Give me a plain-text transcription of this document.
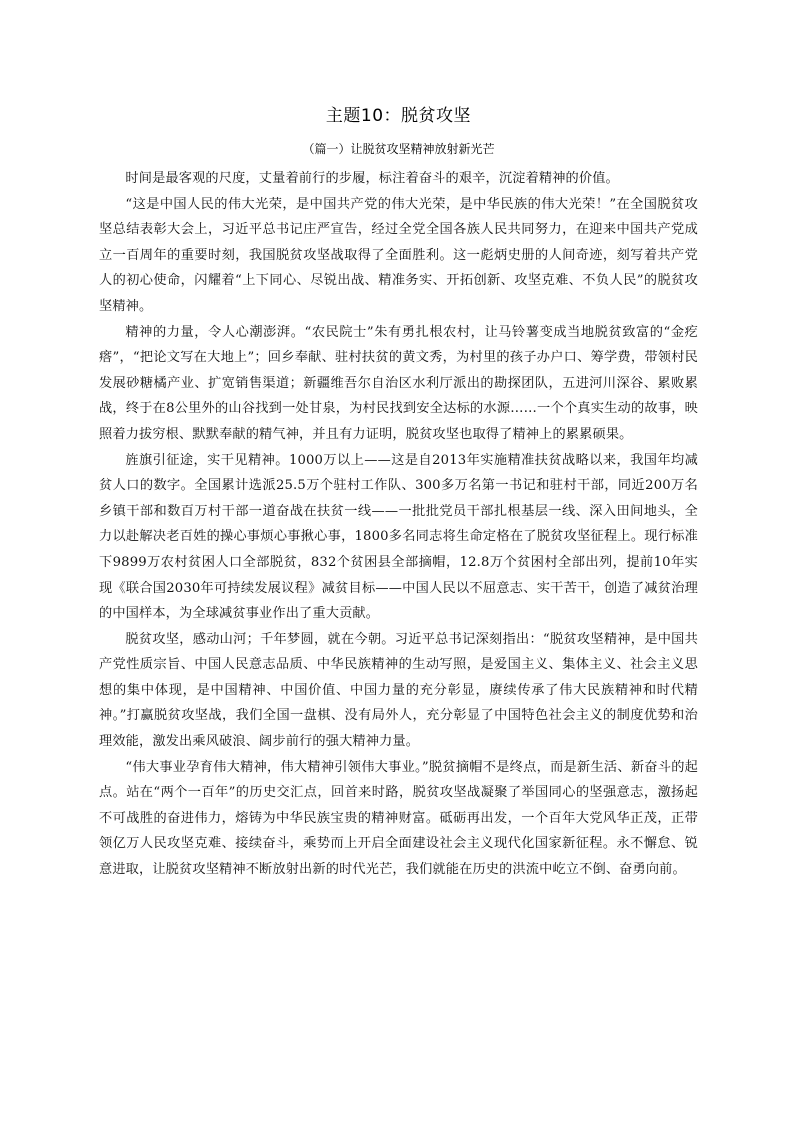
主题10：脱贫攻坚
（篇一）让脱贫攻坚精神放射新光芒

时间是最客观的尺度，丈量着前行的步履，标注着奋斗的艰辛，沉淀着精神的价值。

“这是中国人民的伟大光荣，是中国共产党的伟大光荣，是中华民族的伟大光荣！”在全国脱贫攻坚总结表彰大会上，习近平总书记庄严宣告，经过全党全国各族人民共同努力，在迎来中国共产党成立一百周年的重要时刻，我国脱贫攻坚战取得了全面胜利。这一彪炳史册的人间奇迹，刻写着共产党人的初心使命，闪耀着“上下同心、尽锐出战、精准务实、开拓创新、攻坚克难、不负人民”的脱贫攻坚精神。

精神的力量，令人心潮澎湃。“农民院士”朱有勇扎根农村，让马铃薯变成当地脱贫致富的“金疙瘩”，“把论文写在大地上”；回乡奉献、驻村扶贫的黄文秀，为村里的孩子办户口、筹学费，带领村民发展砂糖橘产业、扩宽销售渠道；新疆维吾尔自治区水利厅派出的勘探团队，五进河川深谷、累败累战，终于在8公里外的山谷找到一处甘泉，为村民找到安全达标的水源……一个个真实生动的故事，映照着力拔穷根、默默奉献的精气神，并且有力证明，脱贫攻坚也取得了精神上的累累硕果。

旌旗引征途，实干见精神。1000万以上——这是自2013年实施精准扶贫战略以来，我国年均减贫人口的数字。全国累计选派25.5万个驻村工作队、300多万名第一书记和驻村干部，同近200万名乡镇干部和数百万村干部一道奋战在扶贫一线——一批批党员干部扎根基层一线、深入田间地头，全力以赴解决老百姓的操心事烦心事揪心事，1800多名同志将生命定格在了脱贫攻坚征程上。现行标准下9899万农村贫困人口全部脱贫，832个贫困县全部摘帽，12.8万个贫困村全部出列，提前10年实现《联合国2030年可持续发展议程》减贫目标——中国人民以不屈意志、实干苦干，创造了减贫治理的中国样本，为全球减贫事业作出了重大贡献。

脱贫攻坚，感动山河；千年梦圆，就在今朝。习近平总书记深刻指出：“脱贫攻坚精神，是中国共产党性质宗旨、中国人民意志品质、中华民族精神的生动写照，是爱国主义、集体主义、社会主义思想的集中体现，是中国精神、中国价值、中国力量的充分彰显，赓续传承了伟大民族精神和时代精神。”打赢脱贫攻坚战，我们全国一盘棋、没有局外人，充分彰显了中国特色社会主义的制度优势和治理效能，激发出乘风破浪、阔步前行的强大精神力量。

“伟大事业孕育伟大精神，伟大精神引领伟大事业。”脱贫摘帽不是终点，而是新生活、新奋斗的起点。站在“两个一百年”的历史交汇点，回首来时路，脱贫攻坚战凝聚了举国同心的坚强意志，激扬起不可战胜的奋进伟力，熔铸为中华民族宝贵的精神财富。砥砺再出发，一个百年大党风华正茂，正带领亿万人民攻坚克难、接续奋斗，乘势而上开启全面建设社会主义现代化国家新征程。永不懈怠、锐意进取，让脱贫攻坚精神不断放射出新的时代光芒，我们就能在历史的洪流中屹立不倒、奋勇向前。
